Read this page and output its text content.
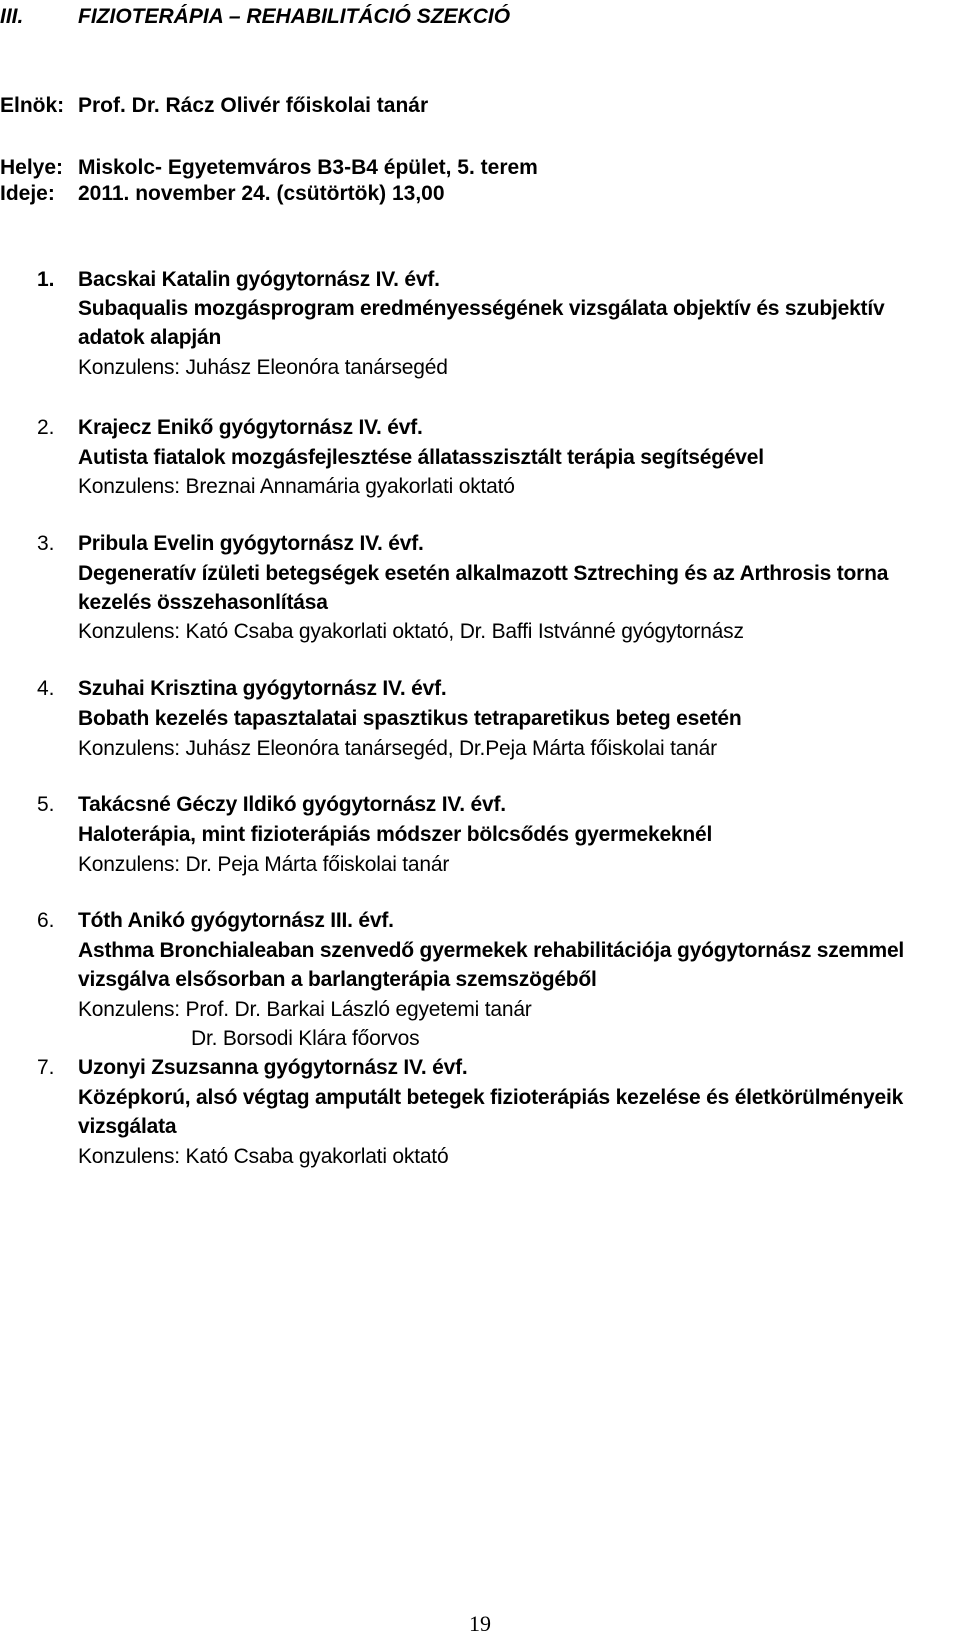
III.	FIZIOTERÁPIA – REHABILITÁCIÓ SZEKCIÓ
Elnök: Prof. Dr. Rácz Olivér főiskolai tanár
Helye: Miskolc- Egyetemváros B3-B4 épület, 5. terem
Ideje: 2011. november 24. (csütörtök) 13,00
1. Bacskai Katalin gyógytornász IV. évf.
Subaqualis mozgásprogram eredményességének vizsgálata objektív és szubjektív
adatok alapján
Konzulens: Juhász Eleonóra tanársegéd
2. Krajecz Enikő gyógytornász IV. évf.
Autista fiatalok mozgásfejlesztése állatasszisztált terápia segítségével
Konzulens: Breznai Annamária gyakorlati oktató
3. Pribula Evelin gyógytornász IV. évf.
Degeneratív ízületi betegségek esetén alkalmazott Sztreching és az Arthrosis torna
kezelés összehasonlítása
Konzulens: Kató Csaba gyakorlati oktató, Dr. Baffi Istvánné gyógytornász
4. Szuhai Krisztina gyógytornász IV. évf.
Bobath kezelés tapasztalatai spasztikus tetraparetikus beteg esetén
Konzulens: Juhász Eleonóra tanársegéd, Dr.Peja Márta főiskolai tanár
5. Takácsné Géczy Ildikó gyógytornász IV. évf.
Haloterápia, mint fizioterápiás módszer bölcsődés gyermekeknél
Konzulens: Dr. Peja Márta főiskolai tanár
6. Tóth Anikó gyógytornász III. évf.
Asthma Bronchialeaban szenvedő gyermekek rehabilitációja gyógytornász szemmel
vizsgálva elsősorban a barlangterápia szemszögéből
Konzulens: Prof. Dr. Barkai László egyetemi tanár
Dr. Borsodi Klára főorvos
7. Uzonyi Zsuzsanna gyógytornász IV. évf.
Középkorú, alsó végtag amputált betegek fizioterápiás kezelése és életkörülményeik
vizsgálata
Konzulens: Kató Csaba gyakorlati oktató
19
